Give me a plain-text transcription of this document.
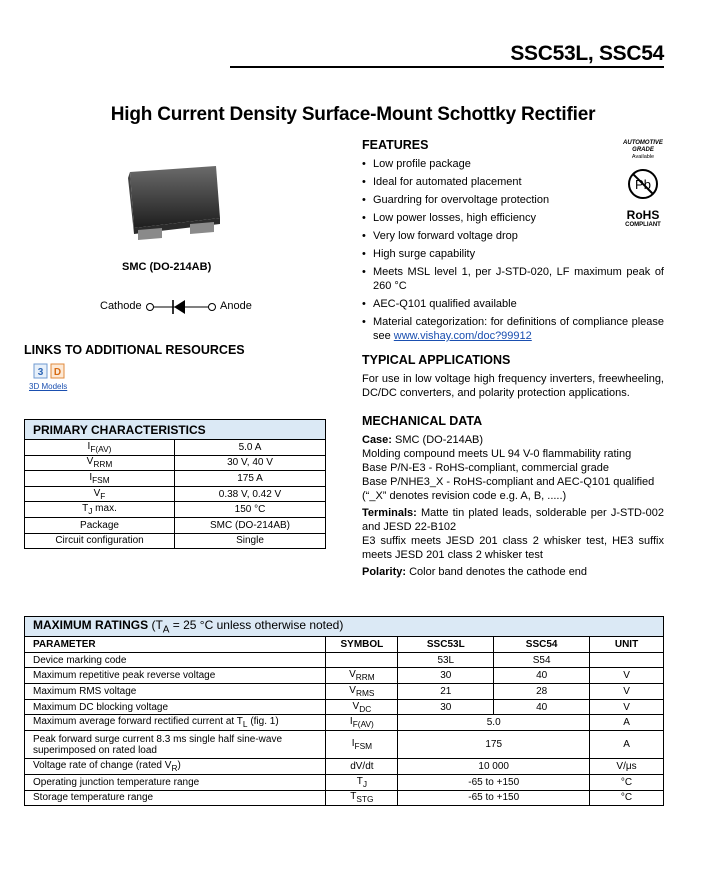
SSC53L, SSC54
High Current Density Surface-Mount Schottky Rectifier
SMC (DO-214AB)
Cathode	Anode
LINKS TO ADDITIONAL RESOURCES
3 D
3D Models
PRIMARY CHARACTERISTICS	
$I_{F(AV)}$	5.0 A
$V_{RRM}$	30 V, 40 V
$I_{FSM}$	175 A
$V_F$	0.38 V, 0.42 V
$T_J$ max.	150 °C
Package	SMC (DO-214AB)
Circuit configuration	Single
FEATURES
• Low profile package
• Ideal for automated placement
• Guardring for overvoltage protection
• Low power losses, high efficiency
• Very low forward voltage drop
• High surge capability
• Meets MSL level 1, per J-STD-020, LF maximum peak of 260 °C
• AEC-Q101 qualified available
• Material categorization: for definitions of compliance please see www.vishay.com/doc?99912
TYPICAL APPLICATIONS

For use in low voltage high frequency inverters, freewheeling, DC/DC converters, and polarity protection applications.

MECHANICAL DATA

Case: SMC (DO-214AB)

Molding compound meets UL 94 V-0 flammability rating

Base P/N-E3 - RoHS-compliant, commercial grade

Base P/NHE3_X - RoHS-compliant and AEC-Q101 qualified

(“_X” denotes revision code e.g. A, B, .....)

Terminals: Matte tin plated leads, solderable per J-STD-002 and JESD 22-B102

E3 suffix meets JESD 201 class 2 whisker test, HE3 suffix meets JESD 201 class 2 whisker test

Polarity: Color band denotes the cathode end

AUTOMOTIVE
GRADE
Available
Pb
RoHS
COMPLIANT
MAXIMUM RATINGS ($T_A = 25$ °C unless otherwise noted)				
PARAMETER	SYMBOL	SSC53L	SSC54	UNIT
Device marking code		53L	S54	
Maximum repetitive peak reverse voltage	$V_{RRM}$	30	40	V
Maximum RMS voltage	$V_{RMS}$	21	28	V
Maximum DC blocking voltage	$V_{DC}$	30	40	V
Maximum average forward rectified current at $T_L$ (fig. 1)	$I_{F(AV)}$	5.0		A
Peak forward surge current 8.3 ms single half sine-wave superimposed on rated load	$I_{FSM}$	175		A
Voltage rate of change (rated $V_R$)	dV/dt	10 000		V/μs
Operating junction temperature range	$T_J$	-65 to +150		°C
Storage temperature range	$T_{STG}$	-65 to +150		°C
